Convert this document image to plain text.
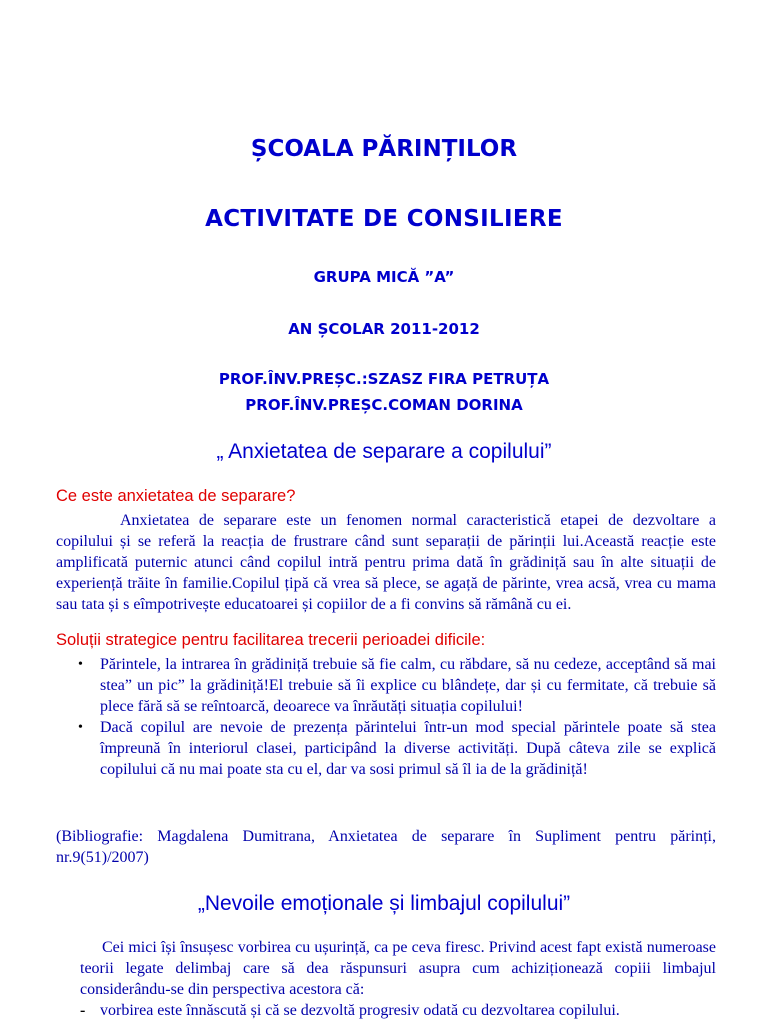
ȘCOALA PĂRINȚILOR
ACTIVITATE DE CONSILIERE
GRUPA MICĂ ”A”
AN ȘCOLAR 2011-2012
PROF.ÎNV.PREȘC.:SZASZ FIRA PETRUȚA
PROF.ÎNV.PREȘC.COMAN DORINA
„ Anxietatea de separare a copilului”
Ce este anxietatea de separare?

Anxietatea de separare este un fenomen normal caracteristică etapei de dezvoltare a copilului și se referă la reacția de frustrare când sunt separații de părinții lui.Această reacție este amplificată puternic atunci când copilul intră pentru prima dată în grădiniță sau în alte situații de experiență trăite în familie.Copilul țipă că vrea să plece, se agață de părinte, vrea acsă, vrea cu mama sau tata și s eîmpotrivește educatoarei și copiilor de a fi convins să rămână cu ei.

Soluții strategice pentru facilitarea trecerii perioadei dificile:
• Părintele, la intrarea în grădiniță trebuie să fie calm, cu răbdare, să nu cedeze, acceptând să mai stea” un pic” la grădiniță!El trebuie să îi explice cu blândețe, dar și cu fermitate, că trebuie să plece fără să se reîntoarcă, deoarece va înrăutăți situația copilului!
• Dacă copilul are nevoie de prezența părintelui într-un mod special părintele poate să stea împreună în interiorul clasei, participând la diverse activități. După câteva zile se explică copilului că nu mai poate sta cu el, dar va sosi primul să îl ia de la grădiniță!

(Bibliografie: Magdalena Dumitrana, Anxietatea de separare în Supliment pentru părinți, nr.9(51)/2007)

„Nevoile emoționale și limbajul copilului”

Cei mici își însușesc vorbirea cu ușurință, ca pe ceva firesc. Privind acest fapt există numeroase teorii legate delimbaj care să dea răspunsuri asupra cum achiziționează copiii limbajul considerându-se din perspectiva acestora că:

- vorbirea este înnăscută și că se dezvoltă progresiv odată cu dezvoltarea copilului.
